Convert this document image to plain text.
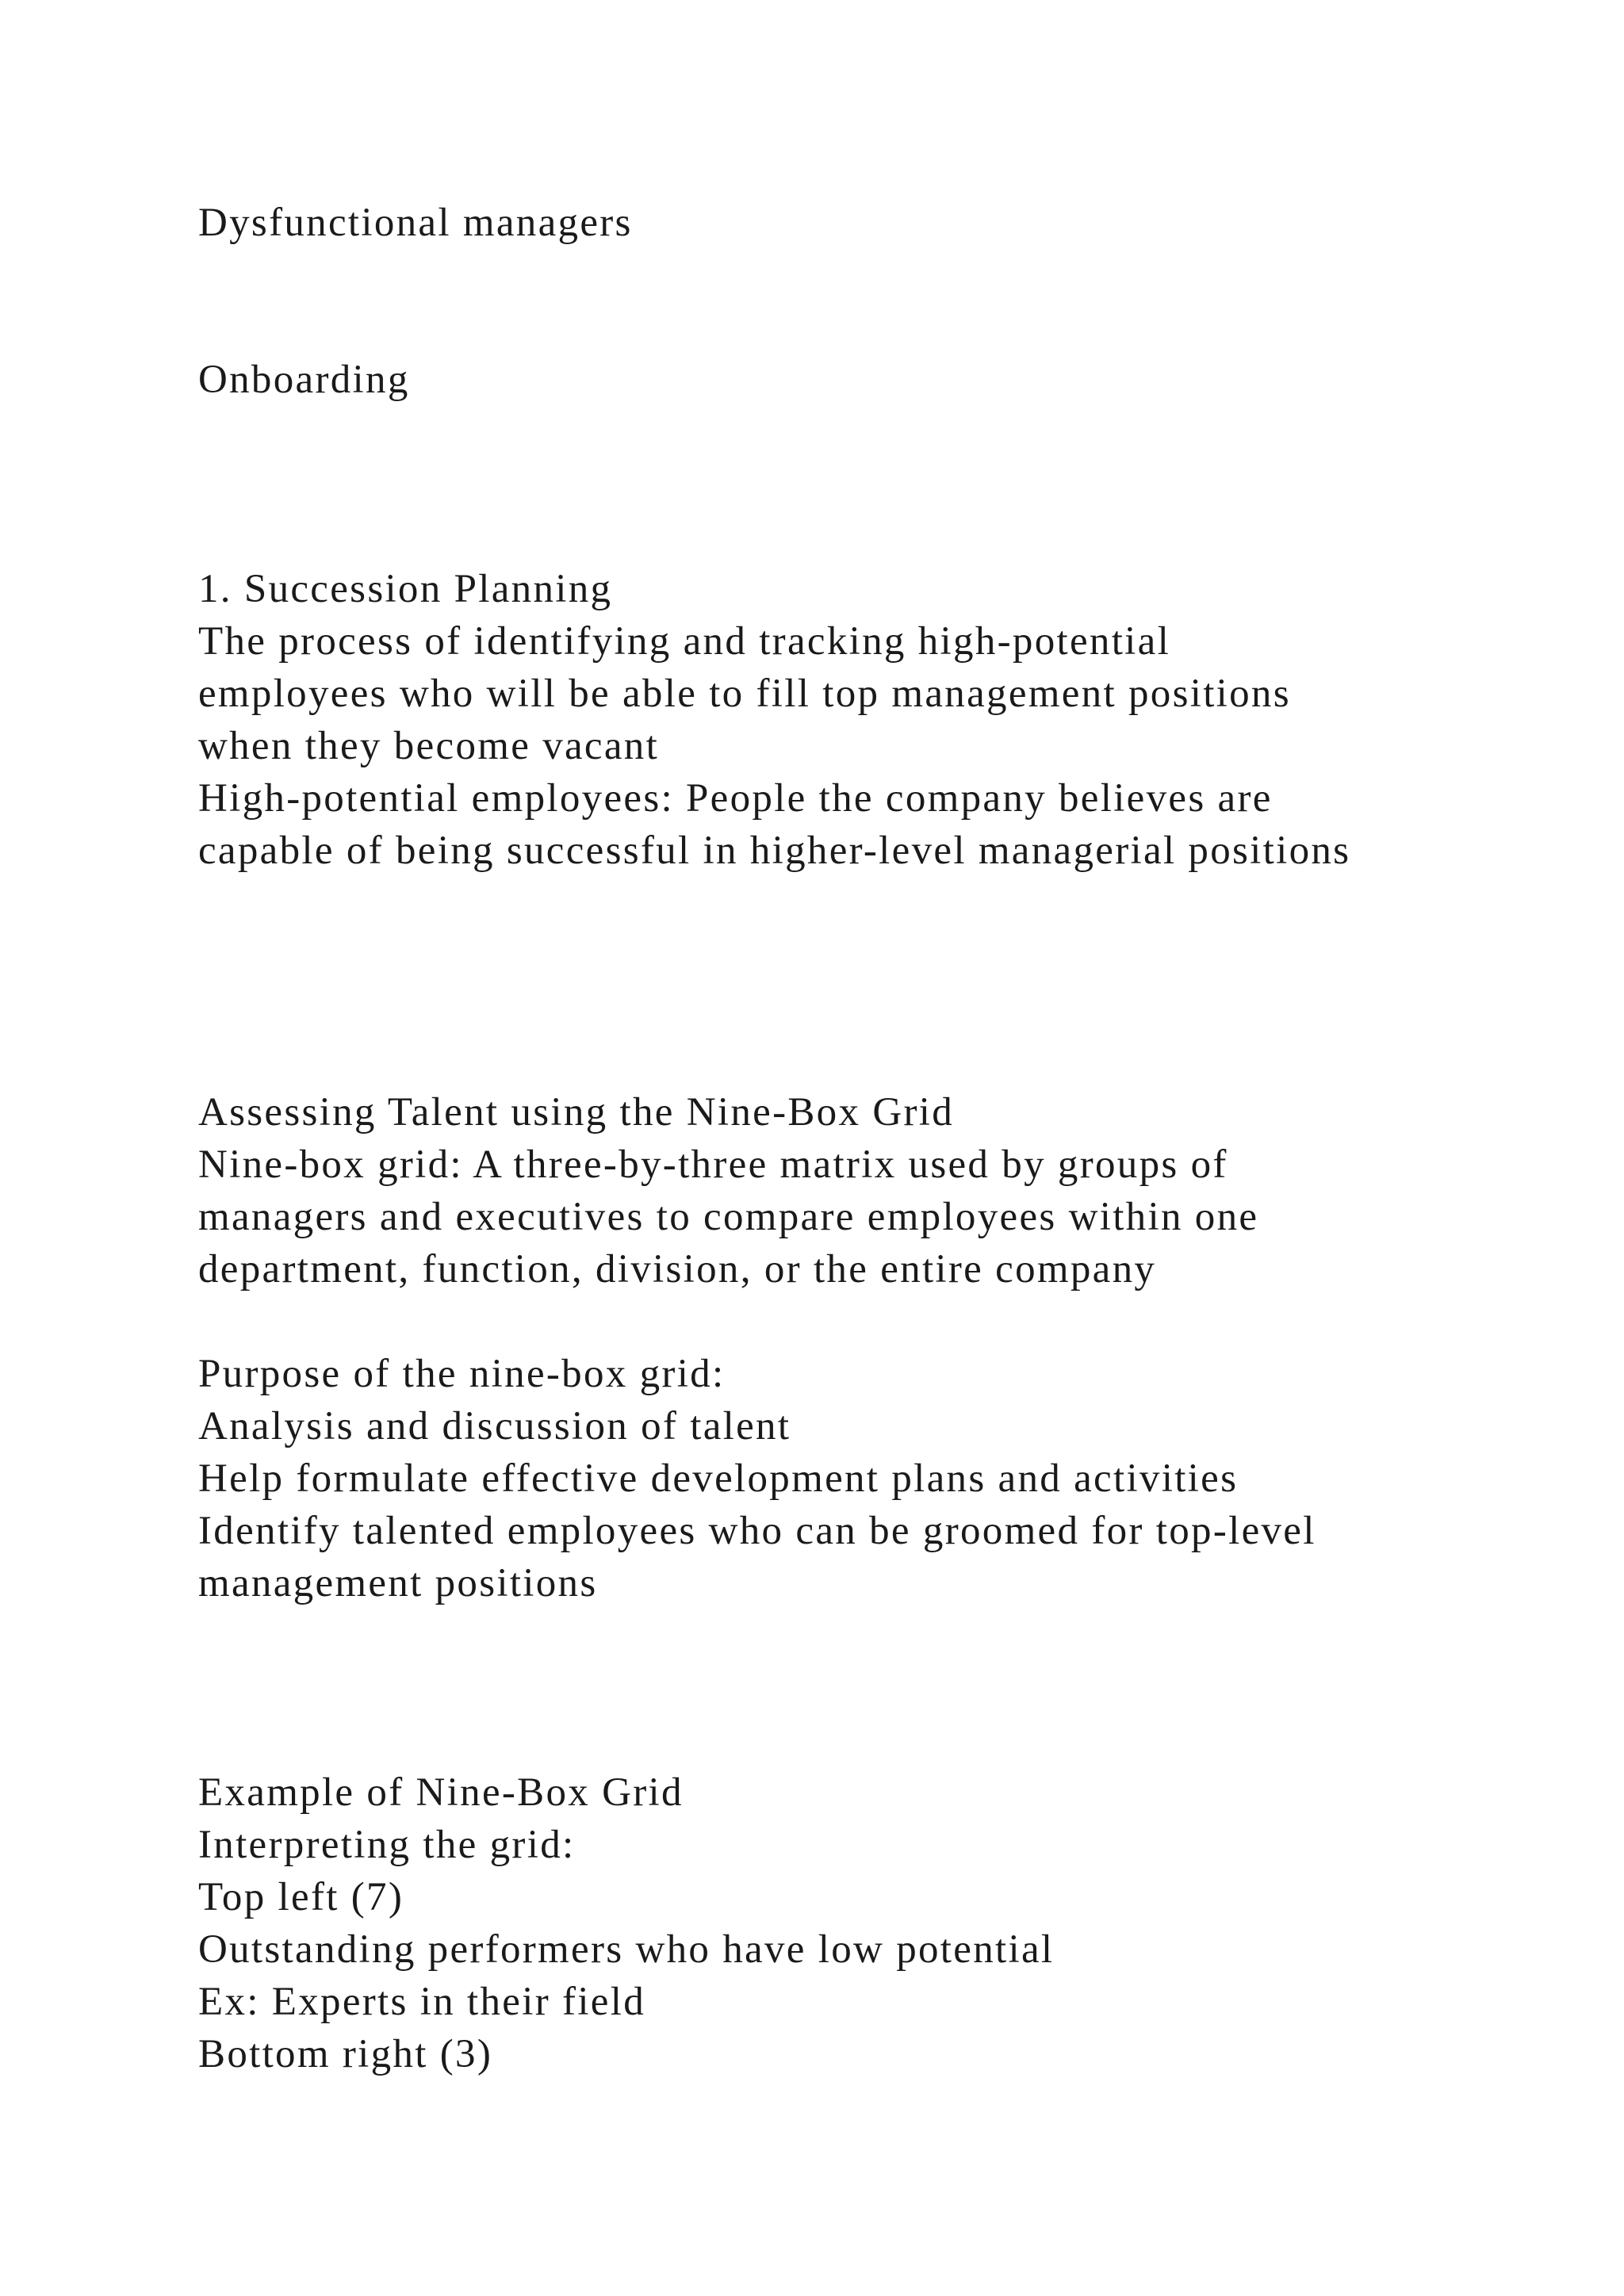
Dysfunctional managers

Onboarding

1. Succession Planning

The process of identifying and tracking high-potential

employees who will be able to fill top management positions

when they become vacant

High-potential employees: People the company believes are

capable of being successful in higher-level managerial positions

Assessing Talent using the Nine-Box Grid

Nine-box grid: A three-by-three matrix used by groups of

managers and executives to compare employees within one

department, function, division, or the entire company

Purpose of the nine-box grid:

Analysis and discussion of talent

Help formulate effective development plans and activities

Identify talented employees who can be groomed for top-level

management positions

Example of Nine-Box Grid

Interpreting the grid:

Top left (7)

Outstanding performers who have low potential

Ex: Experts in their field

Bottom right (3)
